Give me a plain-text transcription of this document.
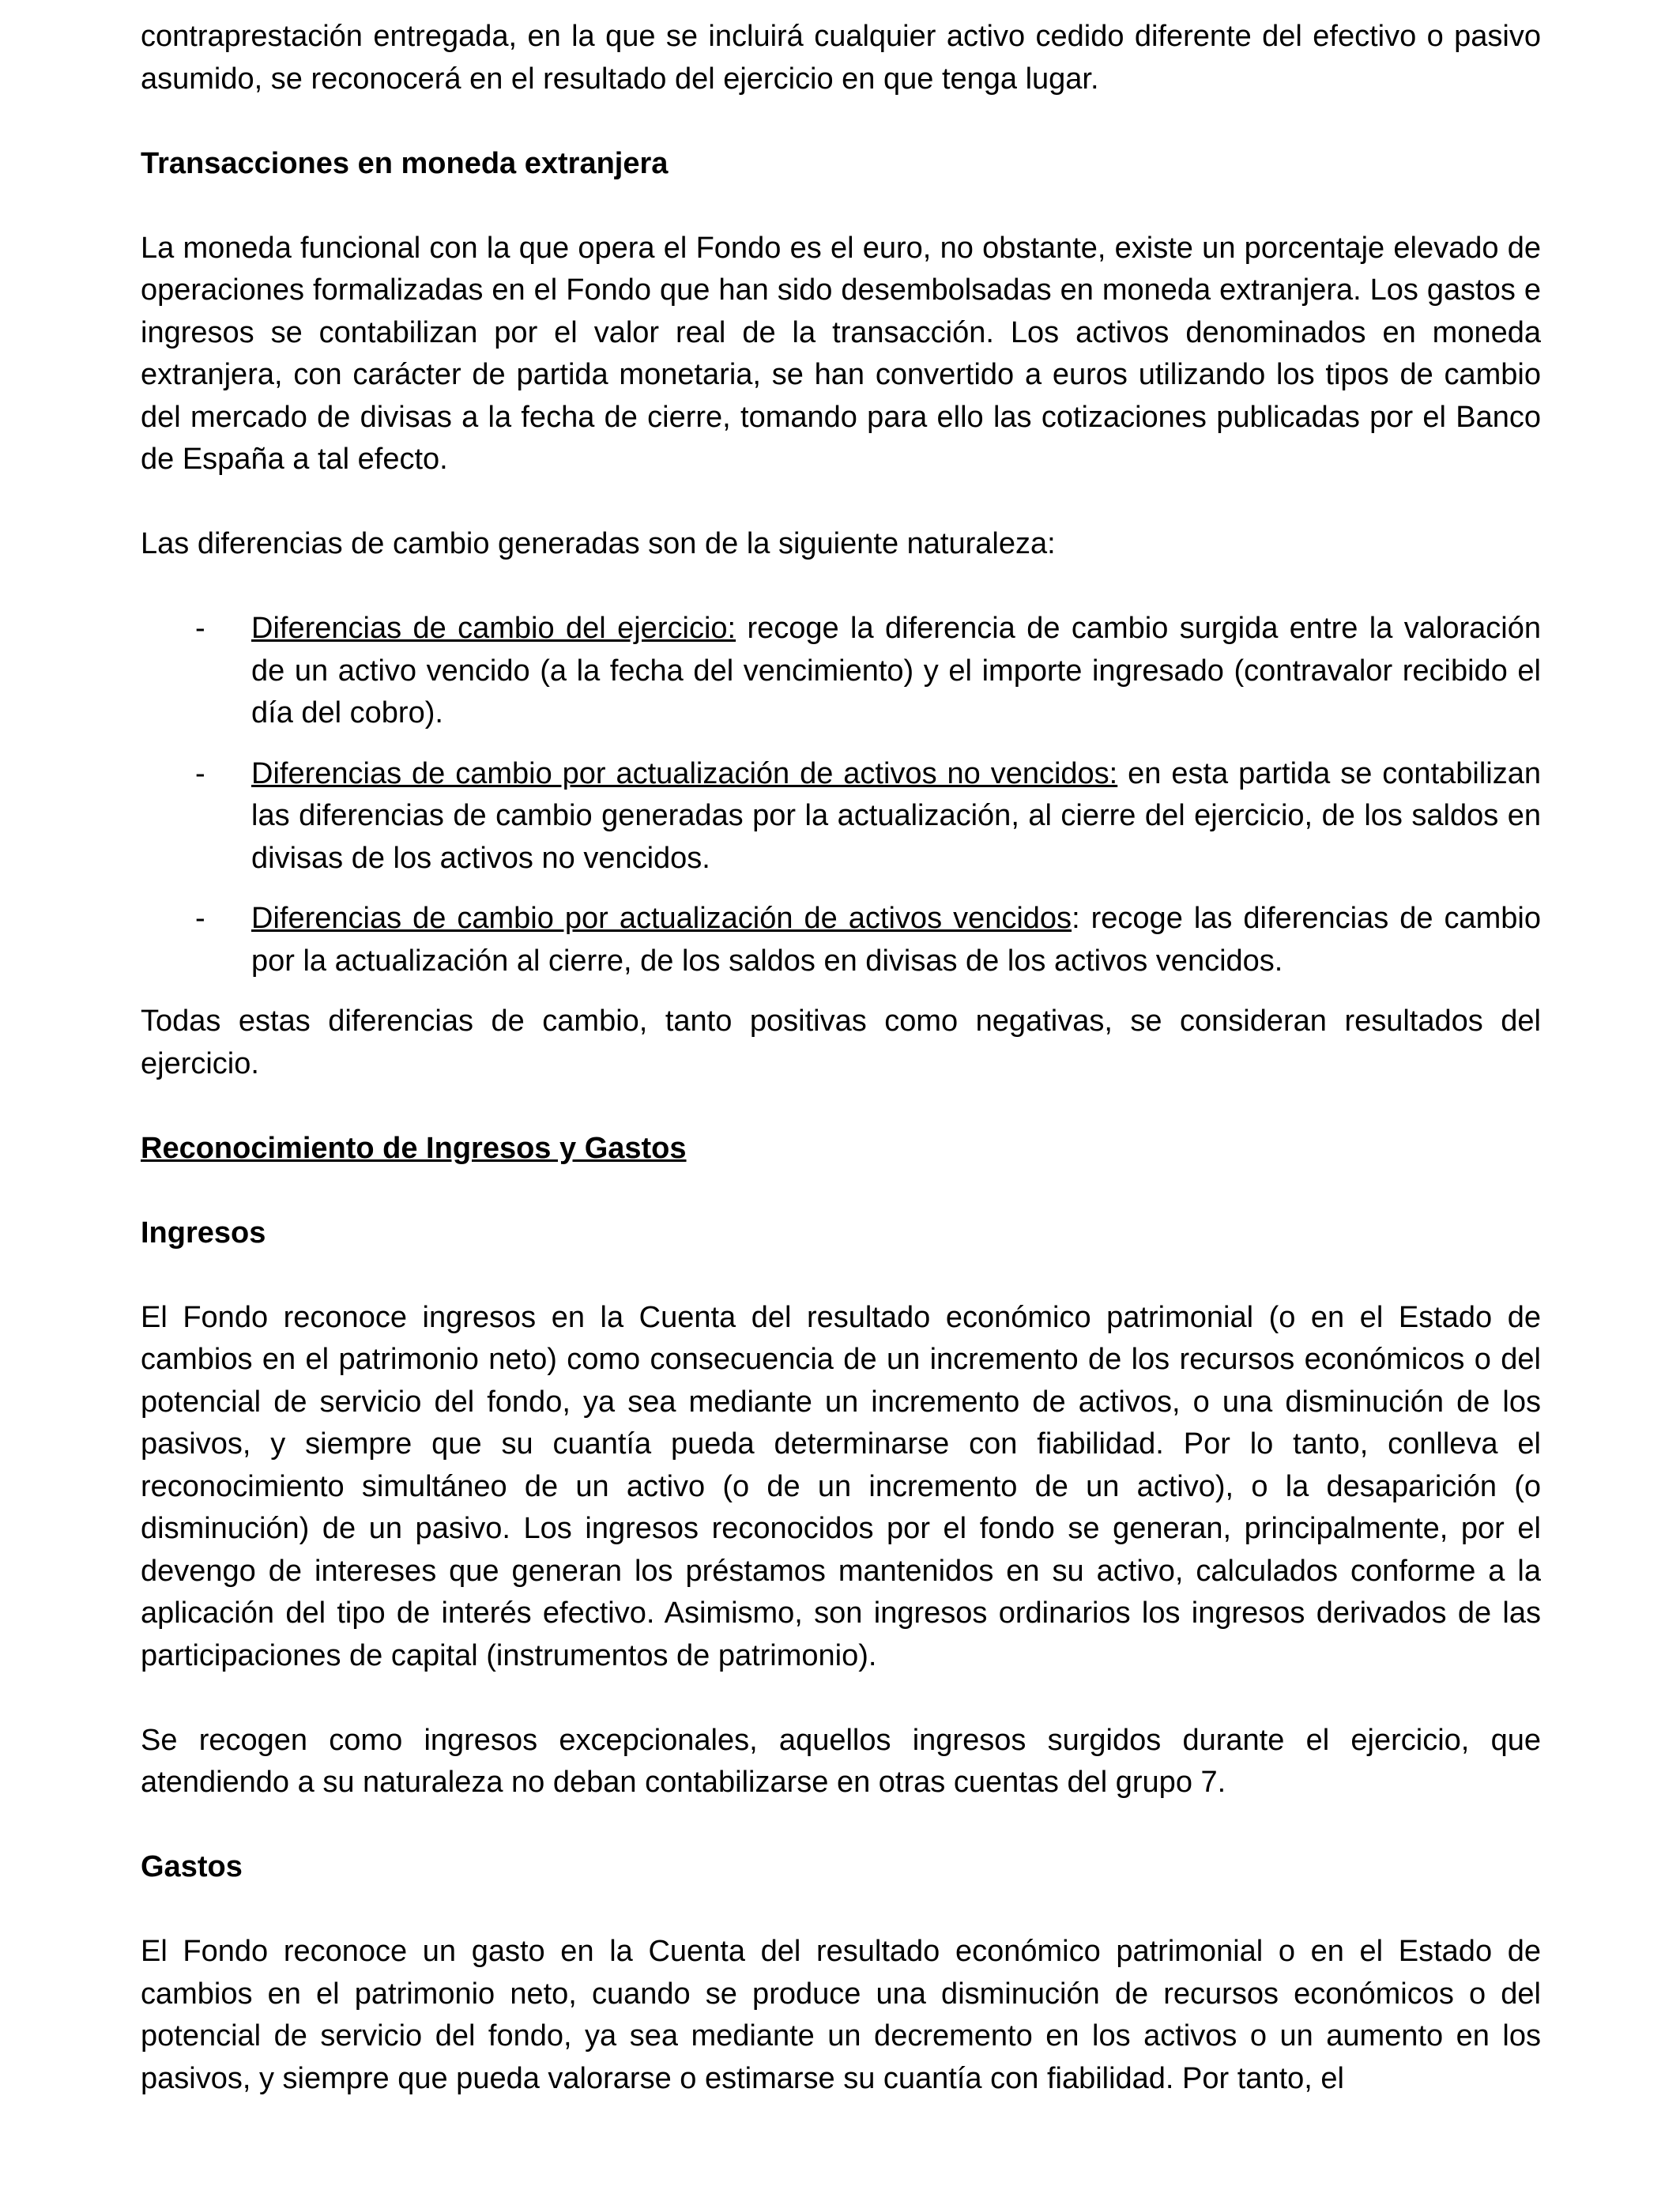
contraprestación entregada, en la que se incluirá cualquier activo cedido diferente del efectivo o pasivo asumido, se reconocerá en el resultado del ejercicio en que tenga lugar.

Transacciones en moneda extranjera

La moneda funcional con la que opera el Fondo es el euro, no obstante, existe un porcentaje elevado de operaciones formalizadas en el Fondo que han sido desembolsadas en moneda extranjera. Los gastos e ingresos se contabilizan por el valor real de la transacción. Los activos denominados en moneda extranjera, con carácter de partida monetaria, se han convertido a euros utilizando los tipos de cambio del mercado de divisas a la fecha de cierre, tomando para ello las cotizaciones publicadas por el Banco de España a tal efecto.

Las diferencias de cambio generadas son de la siguiente naturaleza:

- Diferencias de cambio del ejercicio: recoge la diferencia de cambio surgida entre la valoración de un activo vencido (a la fecha del vencimiento) y el importe ingresado (contravalor recibido el día del cobro).

- Diferencias de cambio por actualización de activos no vencidos: en esta partida se contabilizan las diferencias de cambio generadas por la actualización, al cierre del ejercicio, de los saldos en divisas de los activos no vencidos.

- Diferencias de cambio por actualización de activos vencidos: recoge las diferencias de cambio por la actualización al cierre, de los saldos en divisas de los activos vencidos.

Todas estas diferencias de cambio, tanto positivas como negativas, se consideran resultados del ejercicio.

Reconocimiento de Ingresos y Gastos
Ingresos

El Fondo reconoce ingresos en la Cuenta del resultado económico patrimonial (o en el Estado de cambios en el patrimonio neto) como consecuencia de un incremento de los recursos económicos o del potencial de servicio del fondo, ya sea mediante un incremento de activos, o una disminución de los pasivos, y siempre que su cuantía pueda determinarse con fiabilidad. Por lo tanto, conlleva el reconocimiento simultáneo de un activo (o de un incremento de un activo), o la desaparición (o disminución) de un pasivo. Los ingresos reconocidos por el fondo se generan, principalmente, por el devengo de intereses que generan los préstamos mantenidos en su activo, calculados conforme a la aplicación del tipo de interés efectivo. Asimismo, son ingresos ordinarios los ingresos derivados de las participaciones de capital (instrumentos de patrimonio).

Se recogen como ingresos excepcionales, aquellos ingresos surgidos durante el ejercicio, que atendiendo a su naturaleza no deban contabilizarse en otras cuentas del grupo 7.

Gastos

El Fondo reconoce un gasto en la Cuenta del resultado económico patrimonial o en el Estado de cambios en el patrimonio neto, cuando se produce una disminución de recursos económicos o del potencial de servicio del fondo, ya sea mediante un decremento en los activos o un aumento en los pasivos, y siempre que pueda valorarse o estimarse su cuantía con fiabilidad. Por tanto, el
